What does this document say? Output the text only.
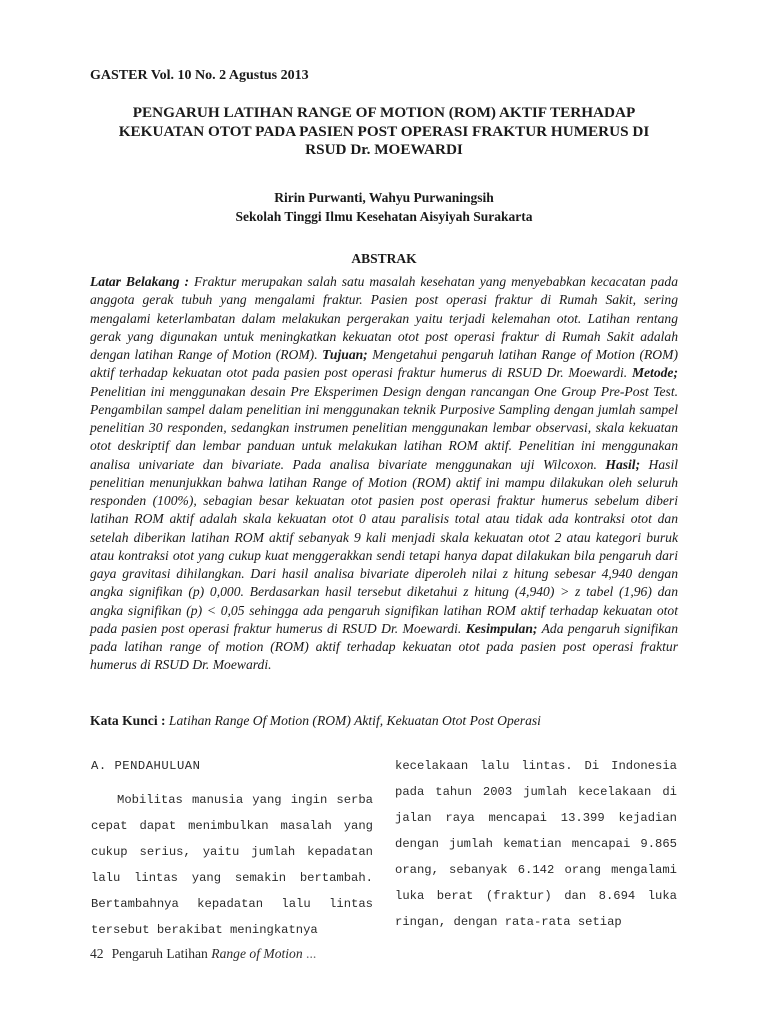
GASTER Vol. 10 No. 2 Agustus 2013

PENGARUH LATIHAN RANGE OF MOTION (ROM) AKTIF TERHADAP
KEKUATAN OTOT PADA PASIEN POST OPERASI FRAKTUR HUMERUS DI
RSUD Dr. MOEWARDI
Ririn Purwanti, Wahyu Purwaningsih
Sekolah Tinggi Ilmu Kesehatan Aisyiyah Surakarta
ABSTRAK

Latar Belakang : Fraktur merupakan salah satu masalah kesehatan yang menyebabkan kecacatan pada anggota gerak tubuh yang mengalami fraktur. Pasien post operasi fraktur di Rumah Sakit, sering mengalami keterlambatan dalam melakukan pergerakan yaitu terjadi kelemahan otot. Latihan rentang gerak yang digunakan untuk meningkatkan kekuatan otot post operasi fraktur di Rumah Sakit adalah dengan latihan Range of Motion (ROM). Tujuan; Mengetahui pengaruh latihan Range of Motion (ROM) aktif terhadap kekuatan otot pada pasien post operasi fraktur humerus di RSUD Dr. Moewardi. Metode; Penelitian ini menggunakan desain Pre Eksperimen Design dengan rancangan One Group Pre-Post Test. Pengambilan sampel dalam penelitian ini menggunakan teknik Purposive Sampling dengan jumlah sampel penelitian 30 responden, sedangkan instrumen penelitian menggunakan lembar observasi, skala kekuatan otot deskriptif dan lembar panduan untuk melakukan latihan ROM aktif. Penelitian ini menggunakan analisa univariate dan bivariate. Pada analisa bivariate menggunakan uji Wilcoxon. Hasil; Hasil penelitian menunjukkan bahwa latihan Range of Motion (ROM) aktif ini mampu dilakukan oleh seluruh responden (100%), sebagian besar kekuatan otot pasien post operasi fraktur humerus sebelum diberi latihan ROM aktif adalah skala kekuatan otot 0 atau paralisis total atau tidak ada kontraksi otot dan setelah diberikan latihan ROM aktif sebanyak 9 kali menjadi skala kekuatan otot 2 atau kategori buruk atau kontraksi otot yang cukup kuat menggerakkan sendi tetapi hanya dapat dilakukan bila pengaruh dari gaya gravitasi dihilangkan. Dari hasil analisa bivariate diperoleh nilai z hitung sebesar 4,940 dengan angka signifikan (p) 0,000. Berdasarkan hasil tersebut diketahui z hitung (4,940) > z tabel (1,96) dan angka signifikan (p) < 0,05 sehingga ada pengaruh signifikan latihan ROM aktif terhadap kekuatan otot pada pasien post operasi fraktur humerus di RSUD Dr. Moewardi. Kesimpulan; Ada pengaruh signifikan pada latihan range of motion (ROM) aktif terhadap kekuatan otot pada pasien post operasi fraktur humerus di RSUD Dr. Moewardi.

Kata Kunci : Latihan Range Of Motion (ROM) Aktif, Kekuatan Otot Post Operasi

A. PENDAHULUAN

Mobilitas manusia yang ingin serba cepat dapat menimbulkan masalah yang cukup serius, yaitu jumlah kepadatan lalu lintas yang semakin bertambah. Bertambahnya kepadatan lalu lintas tersebut berakibat meningkatnya

kecelakaan lalu lintas. Di Indonesia pada tahun 2003 jumlah kecelakaan di jalan raya mencapai 13.399 kejadian dengan jumlah kematian mencapai 9.865 orang, sebanyak 6.142 orang mengalami luka berat (fraktur) dan 8.694 luka ringan, dengan rata-rata setiap

42 Pengaruh Latihan Range of Motion ...
